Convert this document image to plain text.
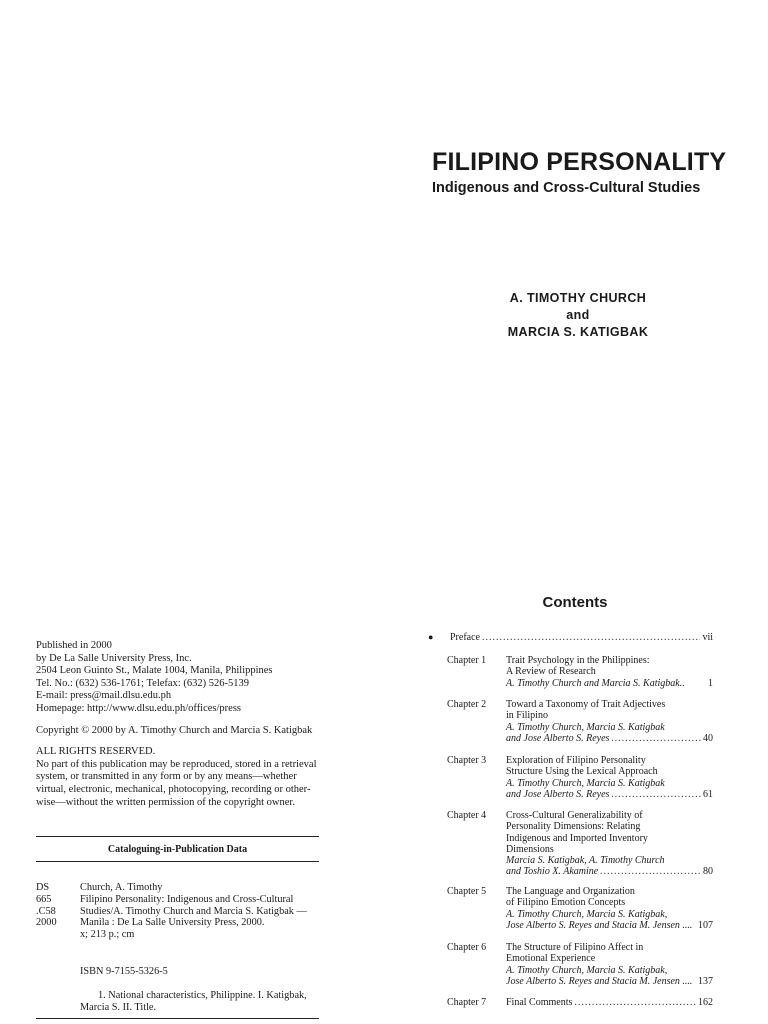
FILIPINO PERSONALITY
Indigenous and Cross-Cultural Studies
A. TIMOTHY CHURCH
and
MARCIA S. KATIGBAK
Contents
Published in 2000
by De La Salle University Press, Inc.
2504 Leon Guinto St., Malate 1004, Manila, Philippines
Tel. No.: (632) 536-1761; Telefax: (632) 526-5139
E-mail: press@mail.dlsu.edu.ph
Homepage: http://www.dlsu.edu.ph/offices/press
Copyright © 2000 by A. Timothy Church and Marcia S. Katigbak
ALL RIGHTS RESERVED.
No part of this publication may be reproduced, stored in a retrieval
system, or transmitted in any form or by any means—whether
virtual, electronic, mechanical, photocopying, recording or other-
wise—without the written permission of the copyright owner.
Cataloguing-in-Publication Data
DS	Church, A. Timothy
665	Filipino Personality: Indigenous and Cross-Cultural
.C58	Studies/A. Timothy Church and Marcia S. Katigbak —
2000	Manila : De La Salle University Press, 2000.
x; 213 p.; cm
ISBN 9-7155-5326-5
1. National characteristics, Philippine. I. Katigbak,
Marcia S. II. Title.
● Preface .....	vii
Chapter 1 Trait Psychology in the Philippines:
A Review of Research
A. Timothy Church and Marcia S. Katigbak.. 1
Chapter 2 Toward a Taxonomy of Trait Adjectives
in Filipino
A. Timothy Church, Marcia S. Katigbak
and Jose Alberto S. Reyes .....	40
Chapter 3 Exploration of Filipino Personality
Structure Using the Lexical Approach
A. Timothy Church, Marcia S. Katigbak
and Jose Alberto S. Reyes .....	61
Chapter 4 Cross-Cultural Generalizability of
Personality Dimensions: Relating
Indigenous and Imported Inventory
Dimensions
Marcia S. Katigbak, A. Timothy Church
and Toshio X. Akamine .....	80
Chapter 5 The Language and Organization
of Filipino Emotion Concepts
A. Timothy Church, Marcia S. Katigbak,
Jose Alberto S. Reyes and Stacia M. Jensen .... 107
Chapter 6 The Structure of Filipino Affect in
Emotional Experience
A. Timothy Church, Marcia S. Katigbak,
Jose Alberto S. Reyes and Stacia M. Jensen .... 137
Chapter 7 Final Comments .....	162
